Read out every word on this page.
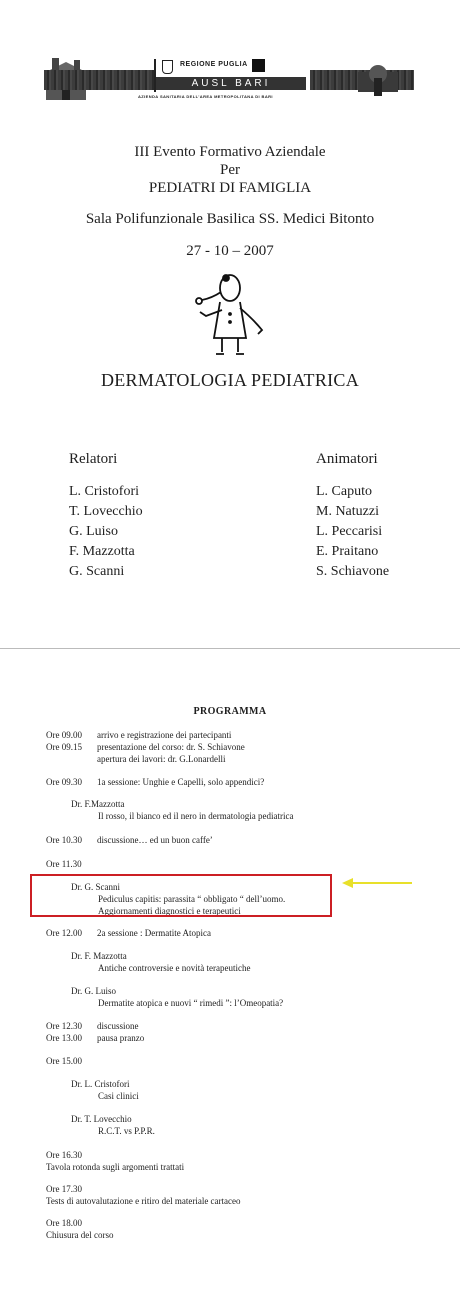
REGIONE PUGLIA
AUSL BARI
AZIENDA SANITARIA DELL'AREA METROPOLITANA DI BARI
III Evento Formativo Aziendale
Per
PEDIATRI DI FAMIGLIA
Sala Polifunzionale Basilica SS. Medici Bitonto
27 - 10 – 2007
DERMATOLOGIA PEDIATRICA
Relatori
L. Cristofori
T. Lovecchio
G. Luiso
F. Mazzotta
G. Scanni
Animatori
L. Caputo
M. Natuzzi
L. Peccarisi
E. Praitano
S. Schiavone
PROGRAMMA
Ore 09.00 arrivo e registrazione dei partecipanti
Ore 09.15 presentazione del corso: dr. S. Schiavone
apertura dei lavori: dr. G.Lonardelli
Ore 09.30 1a sessione: Unghie e Capelli, solo appendici?
Dr. F.Mazzotta
Il rosso, il bianco ed il nero in dermatologia pediatrica
Ore 10.30 discussione… ed un buon caffe’
Ore 11.30
Dr. G. Scanni
Pediculus capitis: parassita “ obbligato “ dell’uomo.
Aggiornamenti diagnostici e terapeutici
Ore 12.00 2a sessione : Dermatite Atopica
Dr. F. Mazzotta
Antiche controversie e novità terapeutiche
Dr. G. Luiso
Dermatite atopica e nuovi “ rimedi ”: l’Omeopatia?
Ore 12.30 discussione
Ore 13.00 pausa pranzo
Ore 15.00
Dr. L. Cristofori
Casi clinici
Dr. T. Lovecchio
R.C.T. vs P.P.R.
Ore 16.30
Tavola rotonda sugli argomenti trattati
Ore 17.30
Tests di autovalutazione e ritiro del materiale cartaceo
Ore 18.00
Chiusura del corso
